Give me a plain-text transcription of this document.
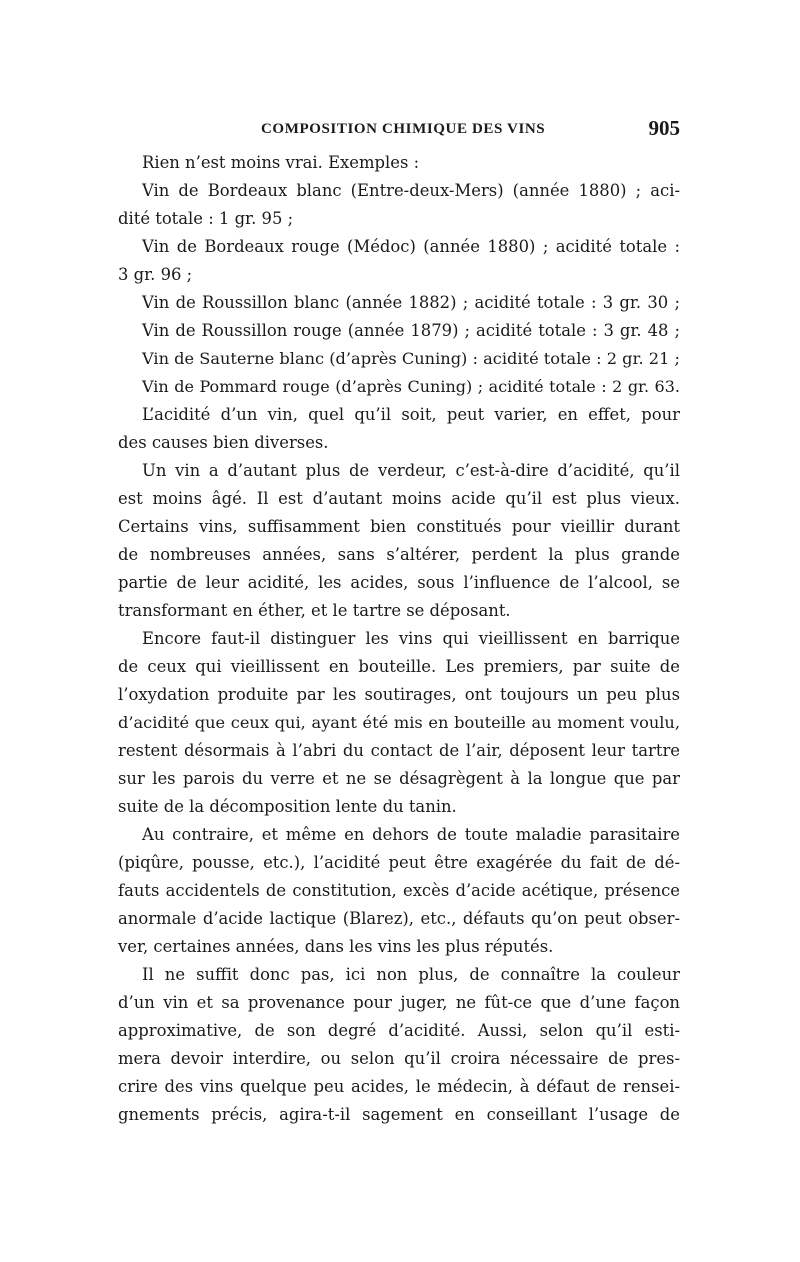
COMPOSITION CHIMIQUE DES VINS	905
Rien n’est moins vrai. Exemples :
Vin de Bordeaux blanc (Entre-deux-Mers) (année 1880) ; aci-
dité totale : 1 gr. 95 ;
Vin de Bordeaux rouge (Médoc) (année 1880) ; acidité totale :
3 gr. 96 ;
Vin de Roussillon blanc (année 1882) ; acidité totale : 3 gr. 30 ;
Vin de Roussillon rouge (année 1879) ; acidité totale : 3 gr. 48 ;
Vin de Sauterne blanc (d’après Cuning) : acidité totale : 2 gr. 21 ;
Vin de Pommard rouge (d’après Cuning) ; acidité totale : 2 gr. 63.
L’acidité d’un vin, quel qu’il soit, peut varier, en effet, pour
des causes bien diverses.
Un vin a d’autant plus de verdeur, c’est-à-dire d’acidité, qu’il
est moins âgé. Il est d’autant moins acide qu’il est plus vieux.
Certains vins, suffisamment bien constitués pour vieillir durant
de nombreuses années, sans s’altérer, perdent la plus grande
partie de leur acidité, les acides, sous l’influence de l’alcool, se
transformant en éther, et le tartre se déposant.
Encore faut-il distinguer les vins qui vieillissent en barrique
de ceux qui vieillissent en bouteille. Les premiers, par suite de
l’oxydation produite par les soutirages, ont toujours un peu plus
d’acidité que ceux qui, ayant été mis en bouteille au moment voulu,
restent désormais à l’abri du contact de l’air, déposent leur tartre
sur les parois du verre et ne se désagrègent à la longue que par
suite de la décomposition lente du tanin.
Au contraire, et même en dehors de toute maladie parasitaire
(piqûre, pousse, etc.), l’acidité peut être exagérée du fait de dé-
fauts accidentels de constitution, excès d’acide acétique, présence
anormale d’acide lactique (Blarez), etc., défauts qu’on peut obser-
ver, certaines années, dans les vins les plus réputés.
Il ne suffit donc pas, ici non plus, de connaître la couleur
d’un vin et sa provenance pour juger, ne fût-ce que d’une façon
approximative, de son degré d’acidité. Aussi, selon qu’il esti-
mera devoir interdire, ou selon qu’il croira nécessaire de pres-
crire des vins quelque peu acides, le médecin, à défaut de rensei-
gnements précis, agira-t-il sagement en conseillant l’usage de
